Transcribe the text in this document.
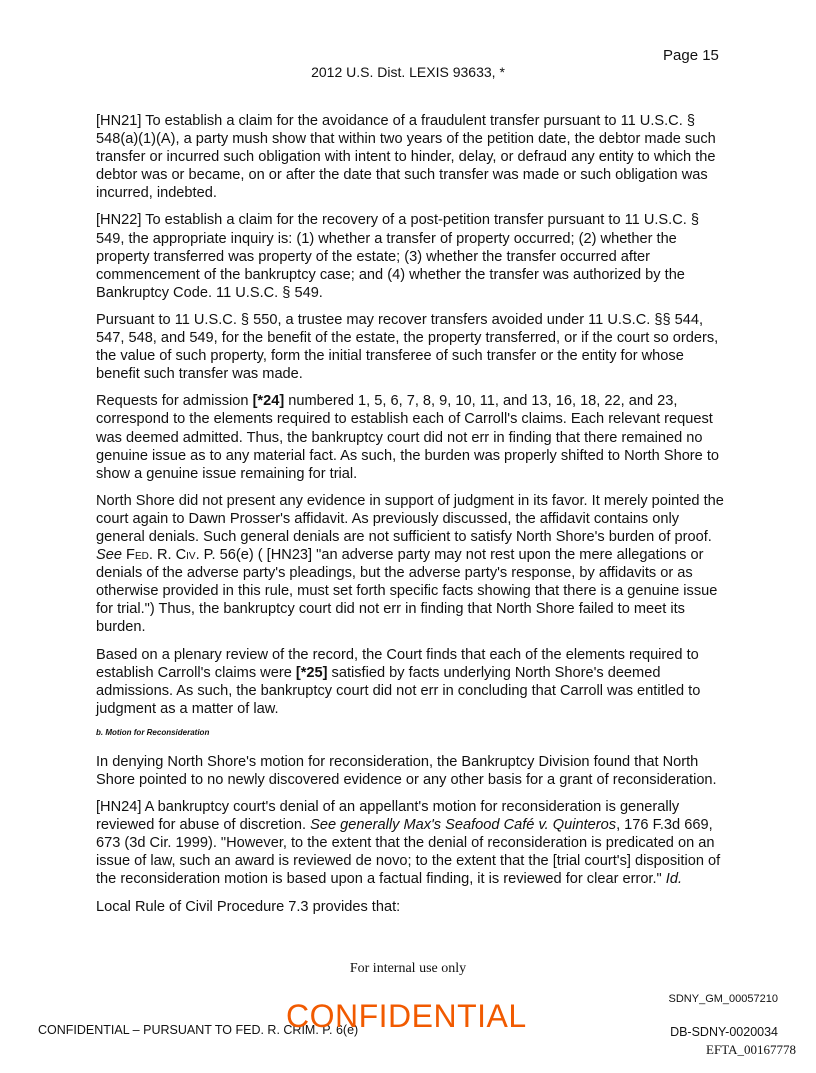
Page 15
2012 U.S. Dist. LEXIS 93633, *

[HN21] To establish a claim for the avoidance of a fraudulent transfer pursuant to 11 U.S.C. § 548(a)(1)(A), a party mush show that within two years of the petition date, the debtor made such transfer or incurred such obligation with intent to hinder, delay, or defraud any entity to which the debtor was or became, on or after the date that such transfer was made or such obligation was incurred, indebted.

[HN22] To establish a claim for the recovery of a post-petition transfer pursuant to 11 U.S.C. § 549, the appropriate inquiry is: (1) whether a transfer of property occurred; (2) whether the property transferred was property of the estate; (3) whether the transfer occurred after commencement of the bankruptcy case; and (4) whether the transfer was authorized by the Bankruptcy Code. 11 U.S.C. § 549.

Pursuant to 11 U.S.C. § 550, a trustee may recover transfers avoided under 11 U.S.C. §§ 544, 547, 548, and 549, for the benefit of the estate, the property transferred, or if the court so orders, the value of such property, form the initial transferee of such transfer or the entity for whose benefit such transfer was made.

Requests for admission [*24] numbered 1, 5, 6, 7, 8, 9, 10, 11, and 13, 16, 18, 22, and 23, correspond to the elements required to establish each of Carroll's claims. Each relevant request was deemed admitted. Thus, the bankruptcy court did not err in finding that there remained no genuine issue as to any material fact. As such, the burden was properly shifted to North Shore to show a genuine issue remaining for trial.

North Shore did not present any evidence in support of judgment in its favor. It merely pointed the court again to Dawn Prosser's affidavit. As previously discussed, the affidavit contains only general denials. Such general denials are not sufficient to satisfy North Shore's burden of proof. See Fed. R. Civ. P. 56(e) ( [HN23] "an adverse party may not rest upon the mere allegations or denials of the adverse party's pleadings, but the adverse party's response, by affidavits or as otherwise provided in this rule, must set forth specific facts showing that there is a genuine issue for trial.") Thus, the bankruptcy court did not err in finding that North Shore failed to meet its burden.

Based on a plenary review of the record, the Court finds that each of the elements required to establish Carroll's claims were [*25] satisfied by facts underlying North Shore's deemed admissions. As such, the bankruptcy court did not err in concluding that Carroll was entitled to judgment as a matter of law.

b. Motion for Reconsideration

In denying North Shore's motion for reconsideration, the Bankruptcy Division found that North Shore pointed to no newly discovered evidence or any other basis for a grant of reconsideration.

[HN24] A bankruptcy court's denial of an appellant's motion for reconsideration is generally reviewed for abuse of discretion. See generally Max's Seafood Café v. Quinteros, 176 F.3d 669, 673 (3d Cir. 1999). "However, to the extent that the denial of reconsideration is predicated on an issue of law, such an award is reviewed de novo; to the extent that the [trial court's] disposition of the reconsideration motion is based upon a factual finding, it is reviewed for clear error." Id.

Local Rule of Civil Procedure 7.3 provides that:

For internal use only
SDNY_GM_00057210
CONFIDENTIAL – PURSUANT TO FED. R. CRIM. P. 6(e)
CONFIDENTIAL	DB-SDNY-0020034
EFTA_00167778
